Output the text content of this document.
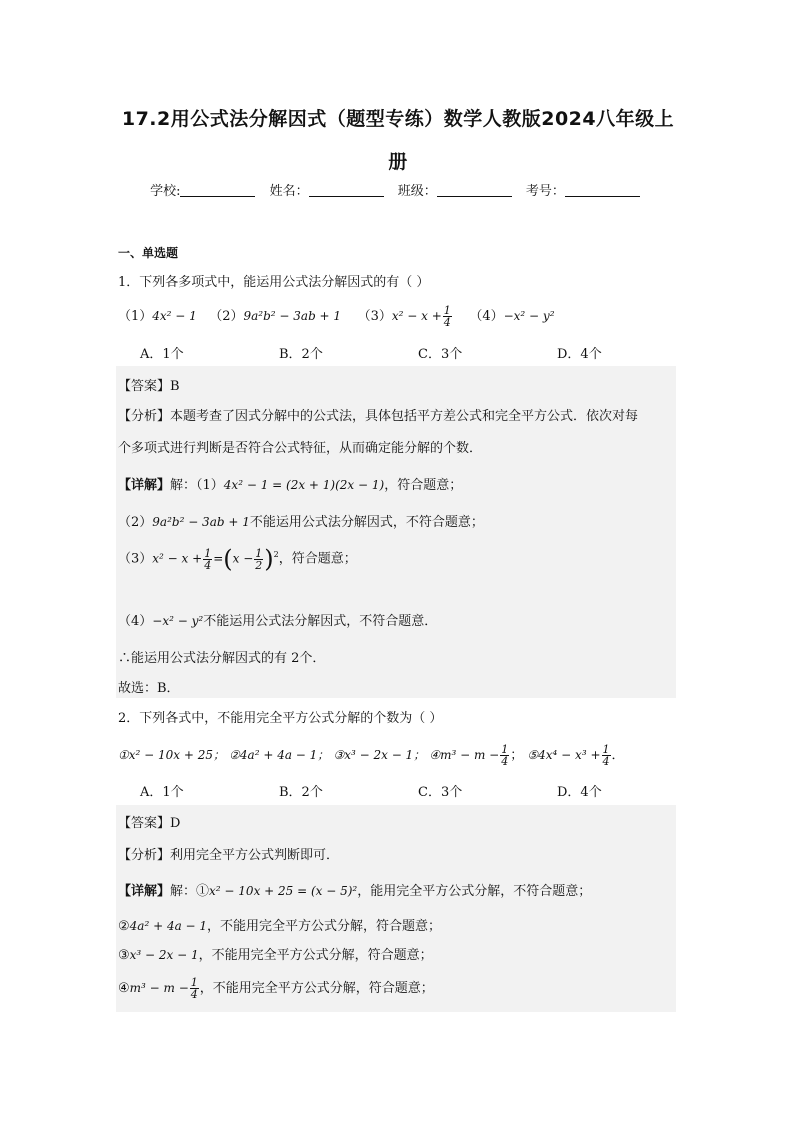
17.2用公式法分解因式（题型专练）数学人教版2024八年级上
册
学校:	姓名：	班级：	考号：
一、单选题
1．下列各多项式中，能运用公式法分解因式的有（ ）
（1）4x² − 1 （2）9a²b² − 3ab + 1 $(3)x^2 - x + \frac{1}{4} (4)-x^2 - y^2$
A．1个	B．2个	C．3个	D．4个
【答案】B
【分析】本题考查了因式分解中的公式法，具体包括平方差公式和完全平方公式．依次对每
个多项式进行判断是否符合公式特征，从而确定能分解的个数．
【详解】解：（1）4x² − 1 = (2x + 1)(2x − 1)，符合题意；
（2）9a²b² − 3ab + 1不能运用公式法分解因式，不符合题意；
$(3)x^2 - x + \frac{1}{4} =(x - \frac{1}{2} )^2$，符合题意；
（4）−x² − y²不能运用公式法分解因式，不符合题意．
∴能运用公式法分解因式的有 2个．
故选：B．
2．下列各式中，不能用完全平方公式分解的个数为（ ）
①x² − 10x + 25； ②4a² + 4a − 1； ③x³ − 2x − 1； ④m³ − $m - \frac{1}{4}$ ； ⑤4x⁴ − $x^3 + \frac{1}{4}$ ．
A．1个	B．2个	C．3个	D．4个
【答案】D
【分析】利用完全平方公式判断即可．
【详解】解：①x² − 10x + 25 = (x − 5)²，能用完全平方公式分解，不符合题意；
②4a² + 4a − 1，不能用完全平方公式分解，符合题意；
③x³ − 2x − 1，不能用完全平方公式分解，符合题意；
④m³ − $m - \frac{1}{4}$ ，不能用完全平方公式分解，符合题意；
